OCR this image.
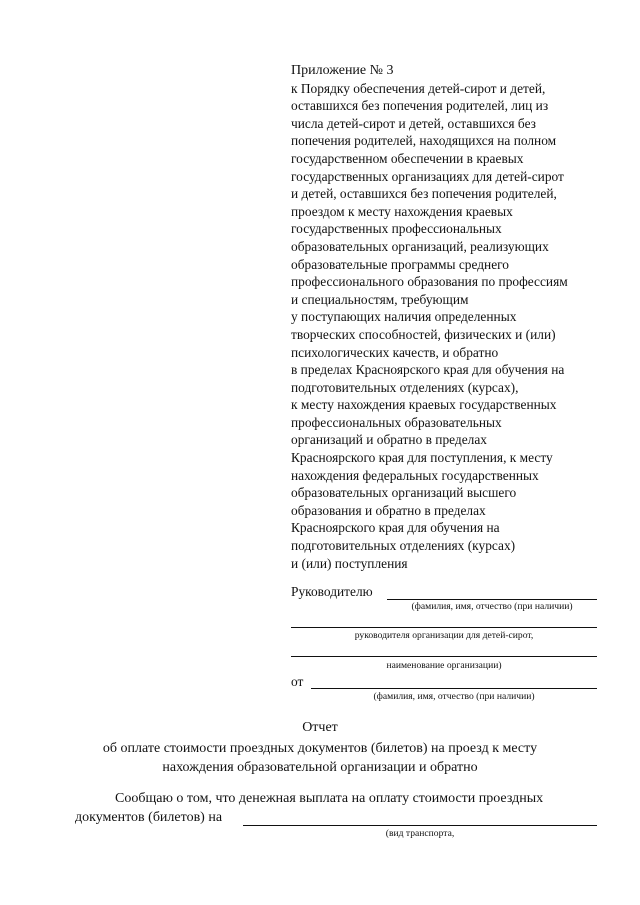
Приложение № 3
к Порядку обеспечения детей-сирот и детей,
оставшихся без попечения родителей, лиц из
числа детей-сирот и детей, оставшихся без
попечения родителей, находящихся на полном
государственном обеспечении в краевых
государственных организациях для детей-сирот
и детей, оставшихся без попечения родителей,
проездом к месту нахождения краевых
государственных профессиональных
образовательных организаций, реализующих
образовательные программы среднего
профессионального образования по профессиям
и специальностям, требующим
у поступающих наличия определенных
творческих способностей, физических и (или)
психологических качеств, и обратно
в пределах Красноярского края для обучения на
подготовительных отделениях (курсах),
к месту нахождения краевых государственных
профессиональных образовательных
организаций и обратно в пределах
Красноярского края для поступления, к месту
нахождения федеральных государственных
образовательных организаций высшего
образования и обратно в пределах
Красноярского края для обучения на
подготовительных отделениях (курсах)
и (или) поступления
Руководителю
(фамилия, имя, отчество (при наличии)
руководителя организации для детей-сирот,
наименование организации)
от
(фамилия, имя, отчество (при наличии)
Отчет
об оплате стоимости проездных документов (билетов) на проезд к месту
нахождения образовательной организации и обратно
Сообщаю о том, что денежная выплата на оплату стоимости проездных
документов (билетов) на
(вид транспорта,
